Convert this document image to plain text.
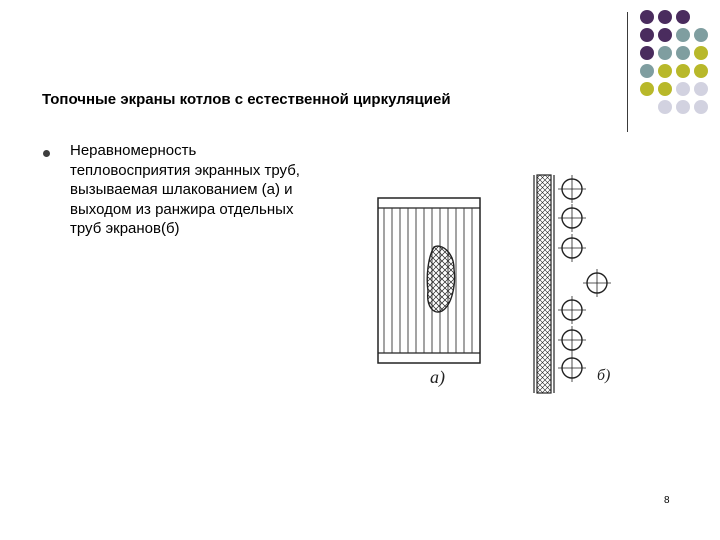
Топочные экраны котлов с естественной циркуляцией
Неравномерность
тепловосприятия экранных труб,
вызываемая шлакованием (а) и
выходом из ранжира отдельных
труб экранов(б)
а)	б)
8
